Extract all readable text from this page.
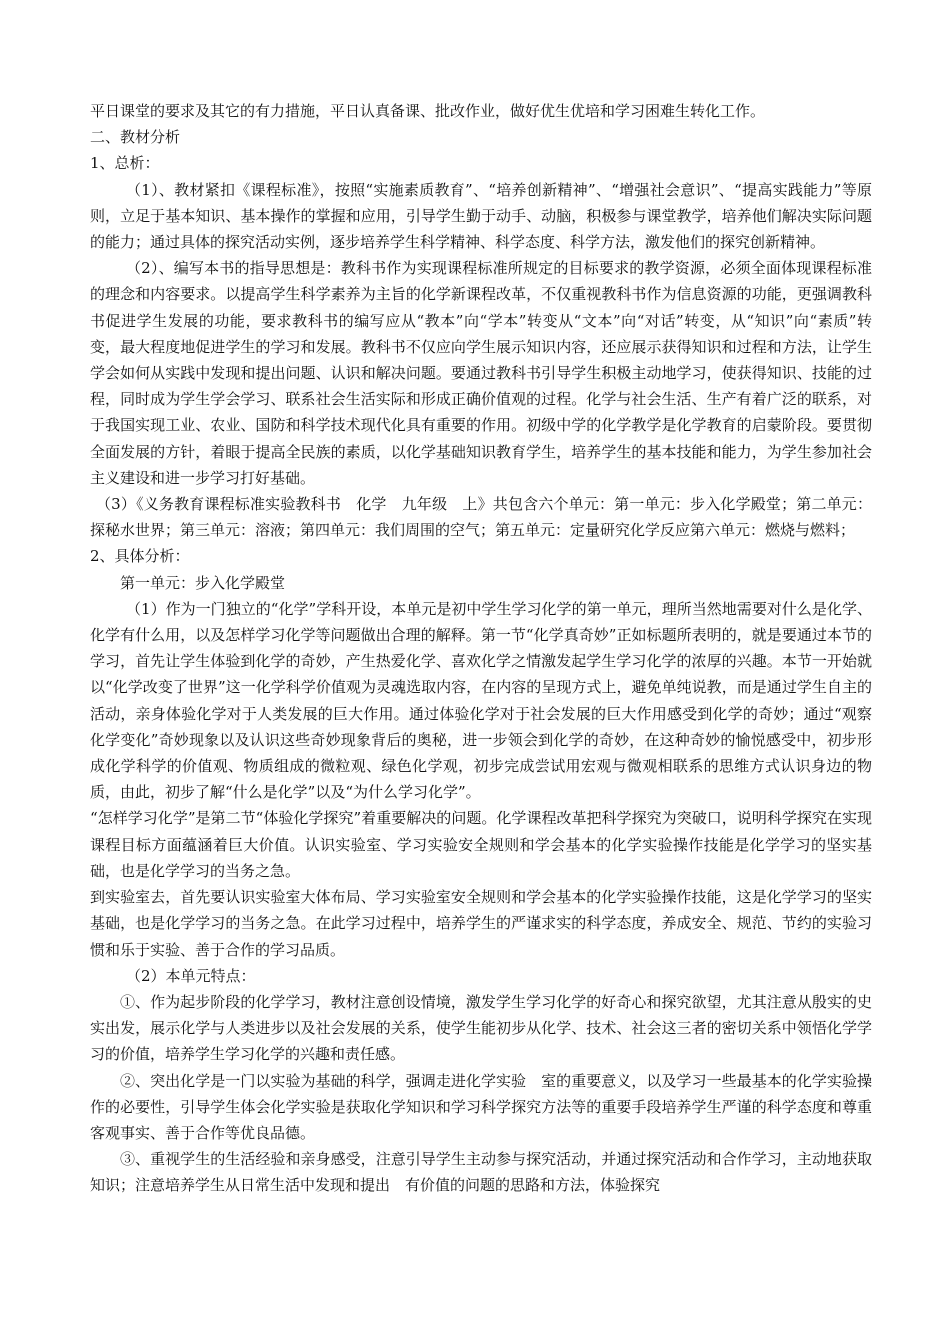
平日课堂的要求及其它的有力措施，平日认真备课、批改作业，做好优生优培和学习困难生转化工作。

二、教材分析

1、总析：

（1）、教材紧扣《课程标准》，按照“实施素质教育”、“培养创新精神”、“增强社会意识”、“提高实践能力”等原则，立足于基本知识、基本操作的掌握和应用，引导学生勤于动手、动脑，积极参与课堂教学，培养他们解决实际问题的能力；通过具体的探究活动实例，逐步培养学生科学精神、科学态度、科学方法，激发他们的探究创新精神。

（2）、编写本书的指导思想是：教科书作为实现课程标准所规定的目标要求的教学资源，必须全面体现课程标准的理念和内容要求。以提高学生科学素养为主旨的化学新课程改革，不仅重视教科书作为信息资源的功能，更强调教科书促进学生发展的功能，要求教科书的编写应从“教本”向“学本”转变从“文本”向“对话”转变，从“知识”向“素质”转变，最大程度地促进学生的学习和发展。教科书不仅应向学生展示知识内容，还应展示获得知识和过程和方法，让学生学会如何从实践中发现和提出问题、认识和解决问题。要通过教科书引导学生积极主动地学习，使获得知识、技能的过程，同时成为学生学会学习、联系社会生活实际和形成正确价值观的过程。化学与社会生活、生产有着广泛的联系，对于我国实现工业、农业、国防和科学技术现代化具有重要的作用。初级中学的化学教学是化学教育的启蒙阶段。要贯彻全面发展的方针，着眼于提高全民族的素质，以化学基础知识教育学生，培养学生的基本技能和能力，为学生参加社会主义建设和进一步学习打好基础。

（3）《义务教育课程标准实验教科书　化学　九年级　上》共包含六个单元：第一单元：步入化学殿堂；第二单元：探秘水世界；第三单元：溶液；第四单元：我们周围的空气；第五单元：定量研究化学反应第六单元：燃烧与燃料；

2、具体分析：

第一单元：步入化学殿堂

（1）作为一门独立的“化学”学科开设，本单元是初中学生学习化学的第一单元，理所当然地需要对什么是化学、化学有什么用，以及怎样学习化学等问题做出合理的解释。第一节“化学真奇妙”正如标题所表明的，就是要通过本节的学习，首先让学生体验到化学的奇妙，产生热爱化学、喜欢化学之情激发起学生学习化学的浓厚的兴趣。本节一开始就以“化学改变了世界”这一化学科学价值观为灵魂选取内容，在内容的呈现方式上，避免单纯说教，而是通过学生自主的活动，亲身体验化学对于人类发展的巨大作用。通过体验化学对于社会发展的巨大作用感受到化学的奇妙；通过“观察化学变化”奇妙现象以及认识这些奇妙现象背后的奥秘，进一步领会到化学的奇妙，在这种奇妙的愉悦感受中，初步形成化学科学的价值观、物质组成的微粒观、绿色化学观，初步完成尝试用宏观与微观相联系的思维方式认识身边的物质，由此，初步了解“什么是化学”以及“为什么学习化学”。

“怎样学习化学”是第二节“体验化学探究”着重要解决的问题。化学课程改革把科学探究为突破口，说明科学探究在实现课程目标方面蕴涵着巨大价值。认识实验室、学习实验安全规则和学会基本的化学实验操作技能是化学学习的坚实基础，也是化学学习的当务之急。

到实验室去，首先要认识实验室大体布局、学习实验室安全规则和学会基本的化学实验操作技能，这是化学学习的坚实基础，也是化学学习的当务之急。在此学习过程中，培养学生的严谨求实的科学态度，养成安全、规范、节约的实验习惯和乐于实验、善于合作的学习品质。

（2）本单元特点：

①、作为起步阶段的化学学习，教材注意创设情境，激发学生学习化学的好奇心和探究欲望，尤其注意从殷实的史实出发，展示化学与人类进步以及社会发展的关系，使学生能初步从化学、技术、社会这三者的密切关系中领悟化学学习的价值，培养学生学习化学的兴趣和责任感。

②、突出化学是一门以实验为基础的科学，强调走进化学实验　室的重要意义，以及学习一些最基本的化学实验操作的必要性，引导学生体会化学实验是获取化学知识和学习科学探究方法等的重要手段培养学生严谨的科学态度和尊重客观事实、善于合作等优良品德。

③、重视学生的生活经验和亲身感受，注意引导学生主动参与探究活动，并通过探究活动和合作学习，主动地获取知识；注意培养学生从日常生活中发现和提出　有价值的问题的思路和方法，体验探究
